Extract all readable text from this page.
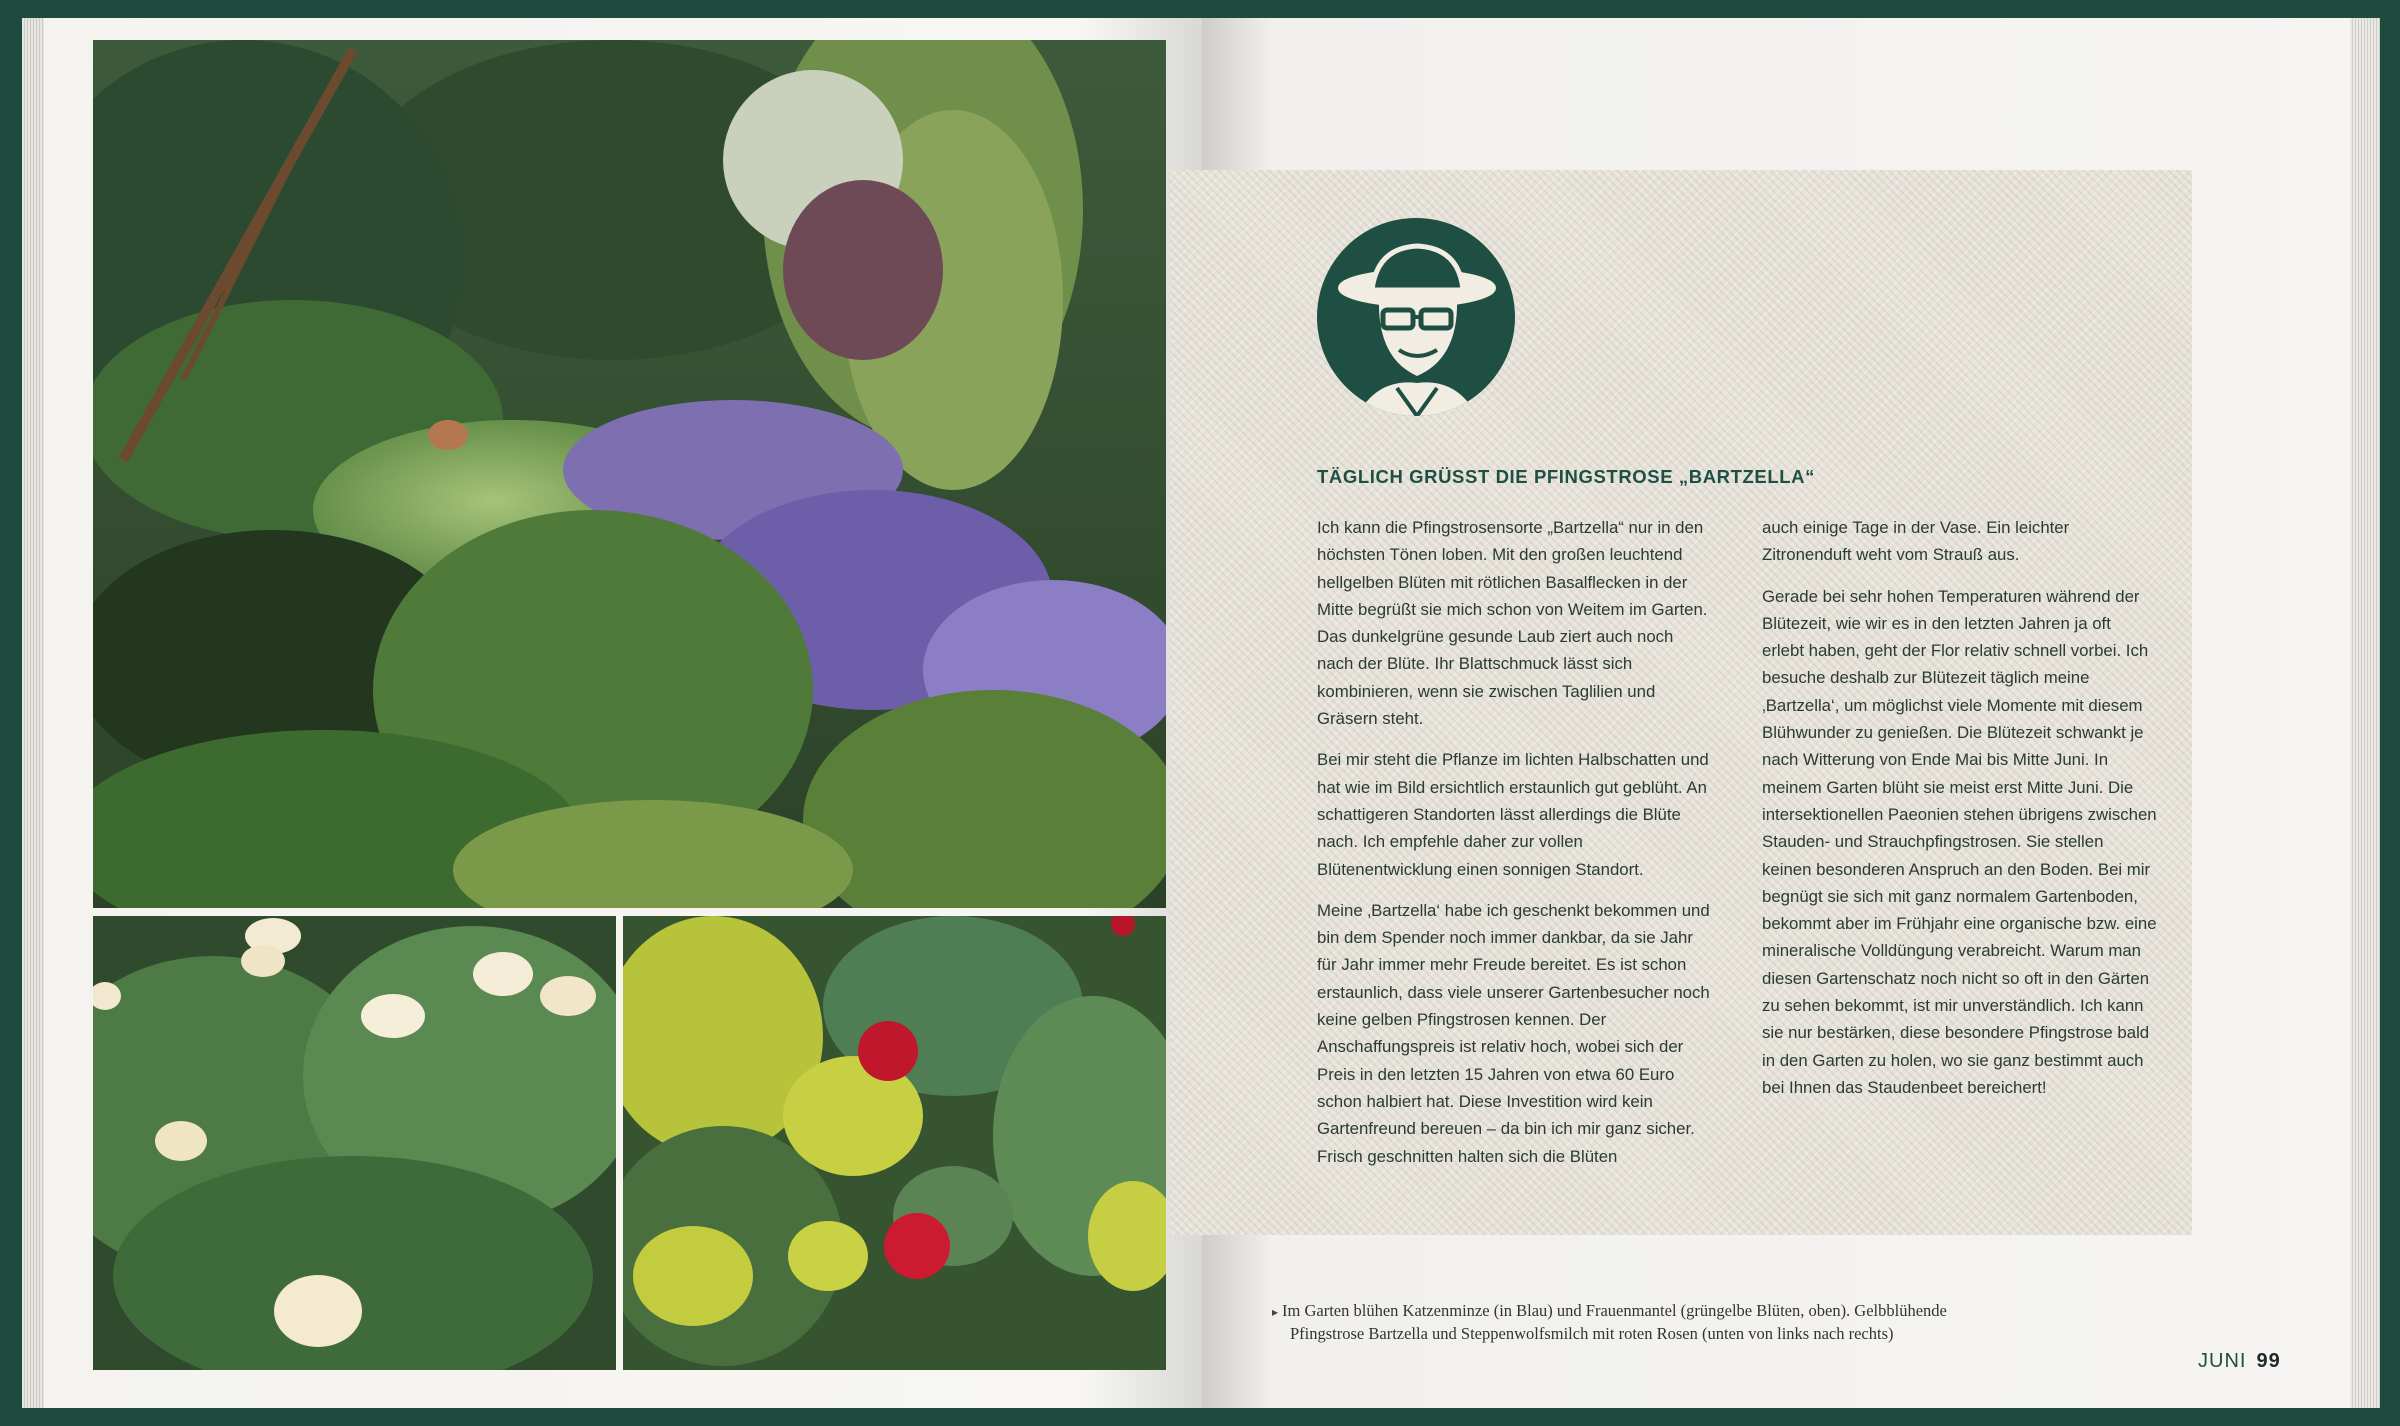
Der Juni
im Garten Schöne
TÄGLICH GRÜSST DIE PFINGSTROSE „BARTZELLA“

Ich kann die Pfingstrosensorte „Bartzella“ nur in den höchsten Tönen loben. Mit den großen leuchtend hellgelben Blüten mit rötlichen Basalflecken in der Mitte begrüßt sie mich schon von Weitem im Garten. Das dunkelgrüne gesunde Laub ziert auch noch nach der Blüte. Ihr Blattschmuck lässt sich kombinieren, wenn sie zwischen Taglilien und Gräsern steht.

Bei mir steht die Pflanze im lichten Halbschatten und hat wie im Bild ersichtlich erstaunlich gut geblüht. An schattigeren Standorten lässt allerdings die Blüte nach. Ich empfehle daher zur vollen Blütenentwicklung einen sonnigen Standort.

Meine ‚Bartzella‘ habe ich geschenkt bekommen und bin dem Spender noch immer dankbar, da sie Jahr für Jahr immer mehr Freude bereitet. Es ist schon erstaunlich, dass viele unserer Gartenbesucher noch keine gelben Pfingstrosen kennen. Der Anschaffungspreis ist relativ hoch, wobei sich der Preis in den letzten 15 Jahren von etwa 60 Euro schon halbiert hat. Diese Investition wird kein Gartenfreund bereuen – da bin ich mir ganz sicher. Frisch geschnitten halten sich die Blüten

auch einige Tage in der Vase. Ein leichter Zitronenduft weht vom Strauß aus.

Gerade bei sehr hohen Temperaturen während der Blütezeit, wie wir es in den letzten Jahren ja oft erlebt haben, geht der Flor relativ schnell vorbei. Ich besuche deshalb zur Blütezeit täglich meine ‚Bartzella‘, um möglichst viele Momente mit diesem Blühwunder zu genießen. Die Blütezeit schwankt je nach Witterung von Ende Mai bis Mitte Juni. In meinem Garten blüht sie meist erst Mitte Juni. Die intersektionellen Paeonien stehen übrigens zwischen Stauden- und Strauchpfingstrosen. Sie stellen keinen besonderen Anspruch an den Boden. Bei mir begnügt sie sich mit ganz normalem Gartenboden, bekommt aber im Frühjahr eine organische bzw. eine mineralische Volldüngung verabreicht. Warum man diesen Gartenschatz noch nicht so oft in den Gärten zu sehen bekommt, ist mir unverständlich. Ich kann sie nur bestärken, diese besondere Pfingstrose bald in den Garten zu holen, wo sie ganz bestimmt auch bei Ihnen das Staudenbeet bereichert!

▸ Im Garten blühen Katzenminze (in Blau) und Frauenmantel (grüngelbe Blüten, oben). Gelbblühende
Pfingstrose Bartzella und Steppenwolfsmilch mit roten Rosen (unten von links nach rechts)
JUNI 99
